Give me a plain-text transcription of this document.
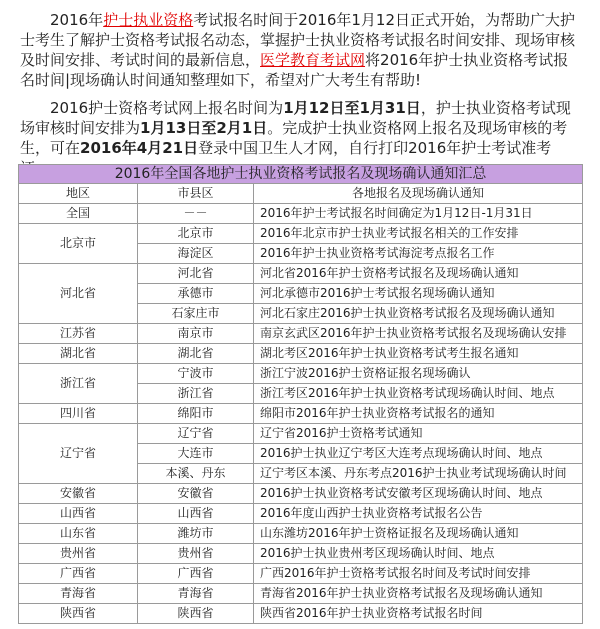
2016年护士执业资格考试报名时间于2016年1月12日正式开始，为帮助广大护士考生了解护士资格考试报名动态，掌握护士执业资格考试报名时间安排、现场审核及时间安排、考试时间的最新信息，医学教育考试网将2016年护士执业资格考试报名时间|现场确认时间通知整理如下，希望对广大考生有帮助!

2016护士资格考试网上报名时间为1月12日至1月31日，护士执业资格考试现场审核时间安排为1月13日至2月1日。完成护士执业资格网上报名及现场审核的考生，可在2016年4月21日登录中国卫生人才网，自行打印2016年护士考试准考

2016年全国各地护士执业资格考试报名及现场确认通知汇总		
地区	市县区	各地报名及现场确认通知
全国	－－	2016年护士考试报名时间确定为1月12日-1月31日
北京市	北京市	2016年北京市护士执业考试报名相关的工作安排
	海淀区	2016年护士执业资格考试海淀考点报名工作
河北省	河北省	河北省2016年护士资格考试报名及现场确认通知
	承德市	河北承德市2016护士考试报名现场确认通知
	石家庄市	河北石家庄2016护士执业资格考试报名及现场确认通知
江苏省	南京市	南京玄武区2016年护士执业资格考试报名及现场确认安排
湖北省	湖北省	湖北考区2016年护士执业资格考试考生报名通知
浙江省	宁波市	浙江宁波2016护士资格证报名现场确认
	浙江省	浙江考区2016年护士执业资格考试现场确认时间、地点
四川省	绵阳市	绵阳市2016年护士执业资格考试报名的通知
辽宁省	辽宁省	辽宁省2016护士资格考试通知
	大连市	2016护士执业辽宁考区大连考点现场确认时间、地点
	本溪、丹东	辽宁考区本溪、丹东考点2016护士执业考试现场确认时间
安徽省	安徽省	2016护士执业资格考试安徽考区现场确认时间、地点
山西省	山西省	2016年度山西护士执业资格考试报名公告
山东省	潍坊市	山东潍坊2016年护士资格证报名及现场确认通知
贵州省	贵州省	2016护士执业贵州考区现场确认时间、地点
广西省	广西省	广西2016年护士资格考试报名时间及考试时间安排
青海省	青海省	青海省2016年护士执业资格考试报名及现场确认通知
陕西省	陕西省	陕西省2016年护士执业资格考试报名时间
